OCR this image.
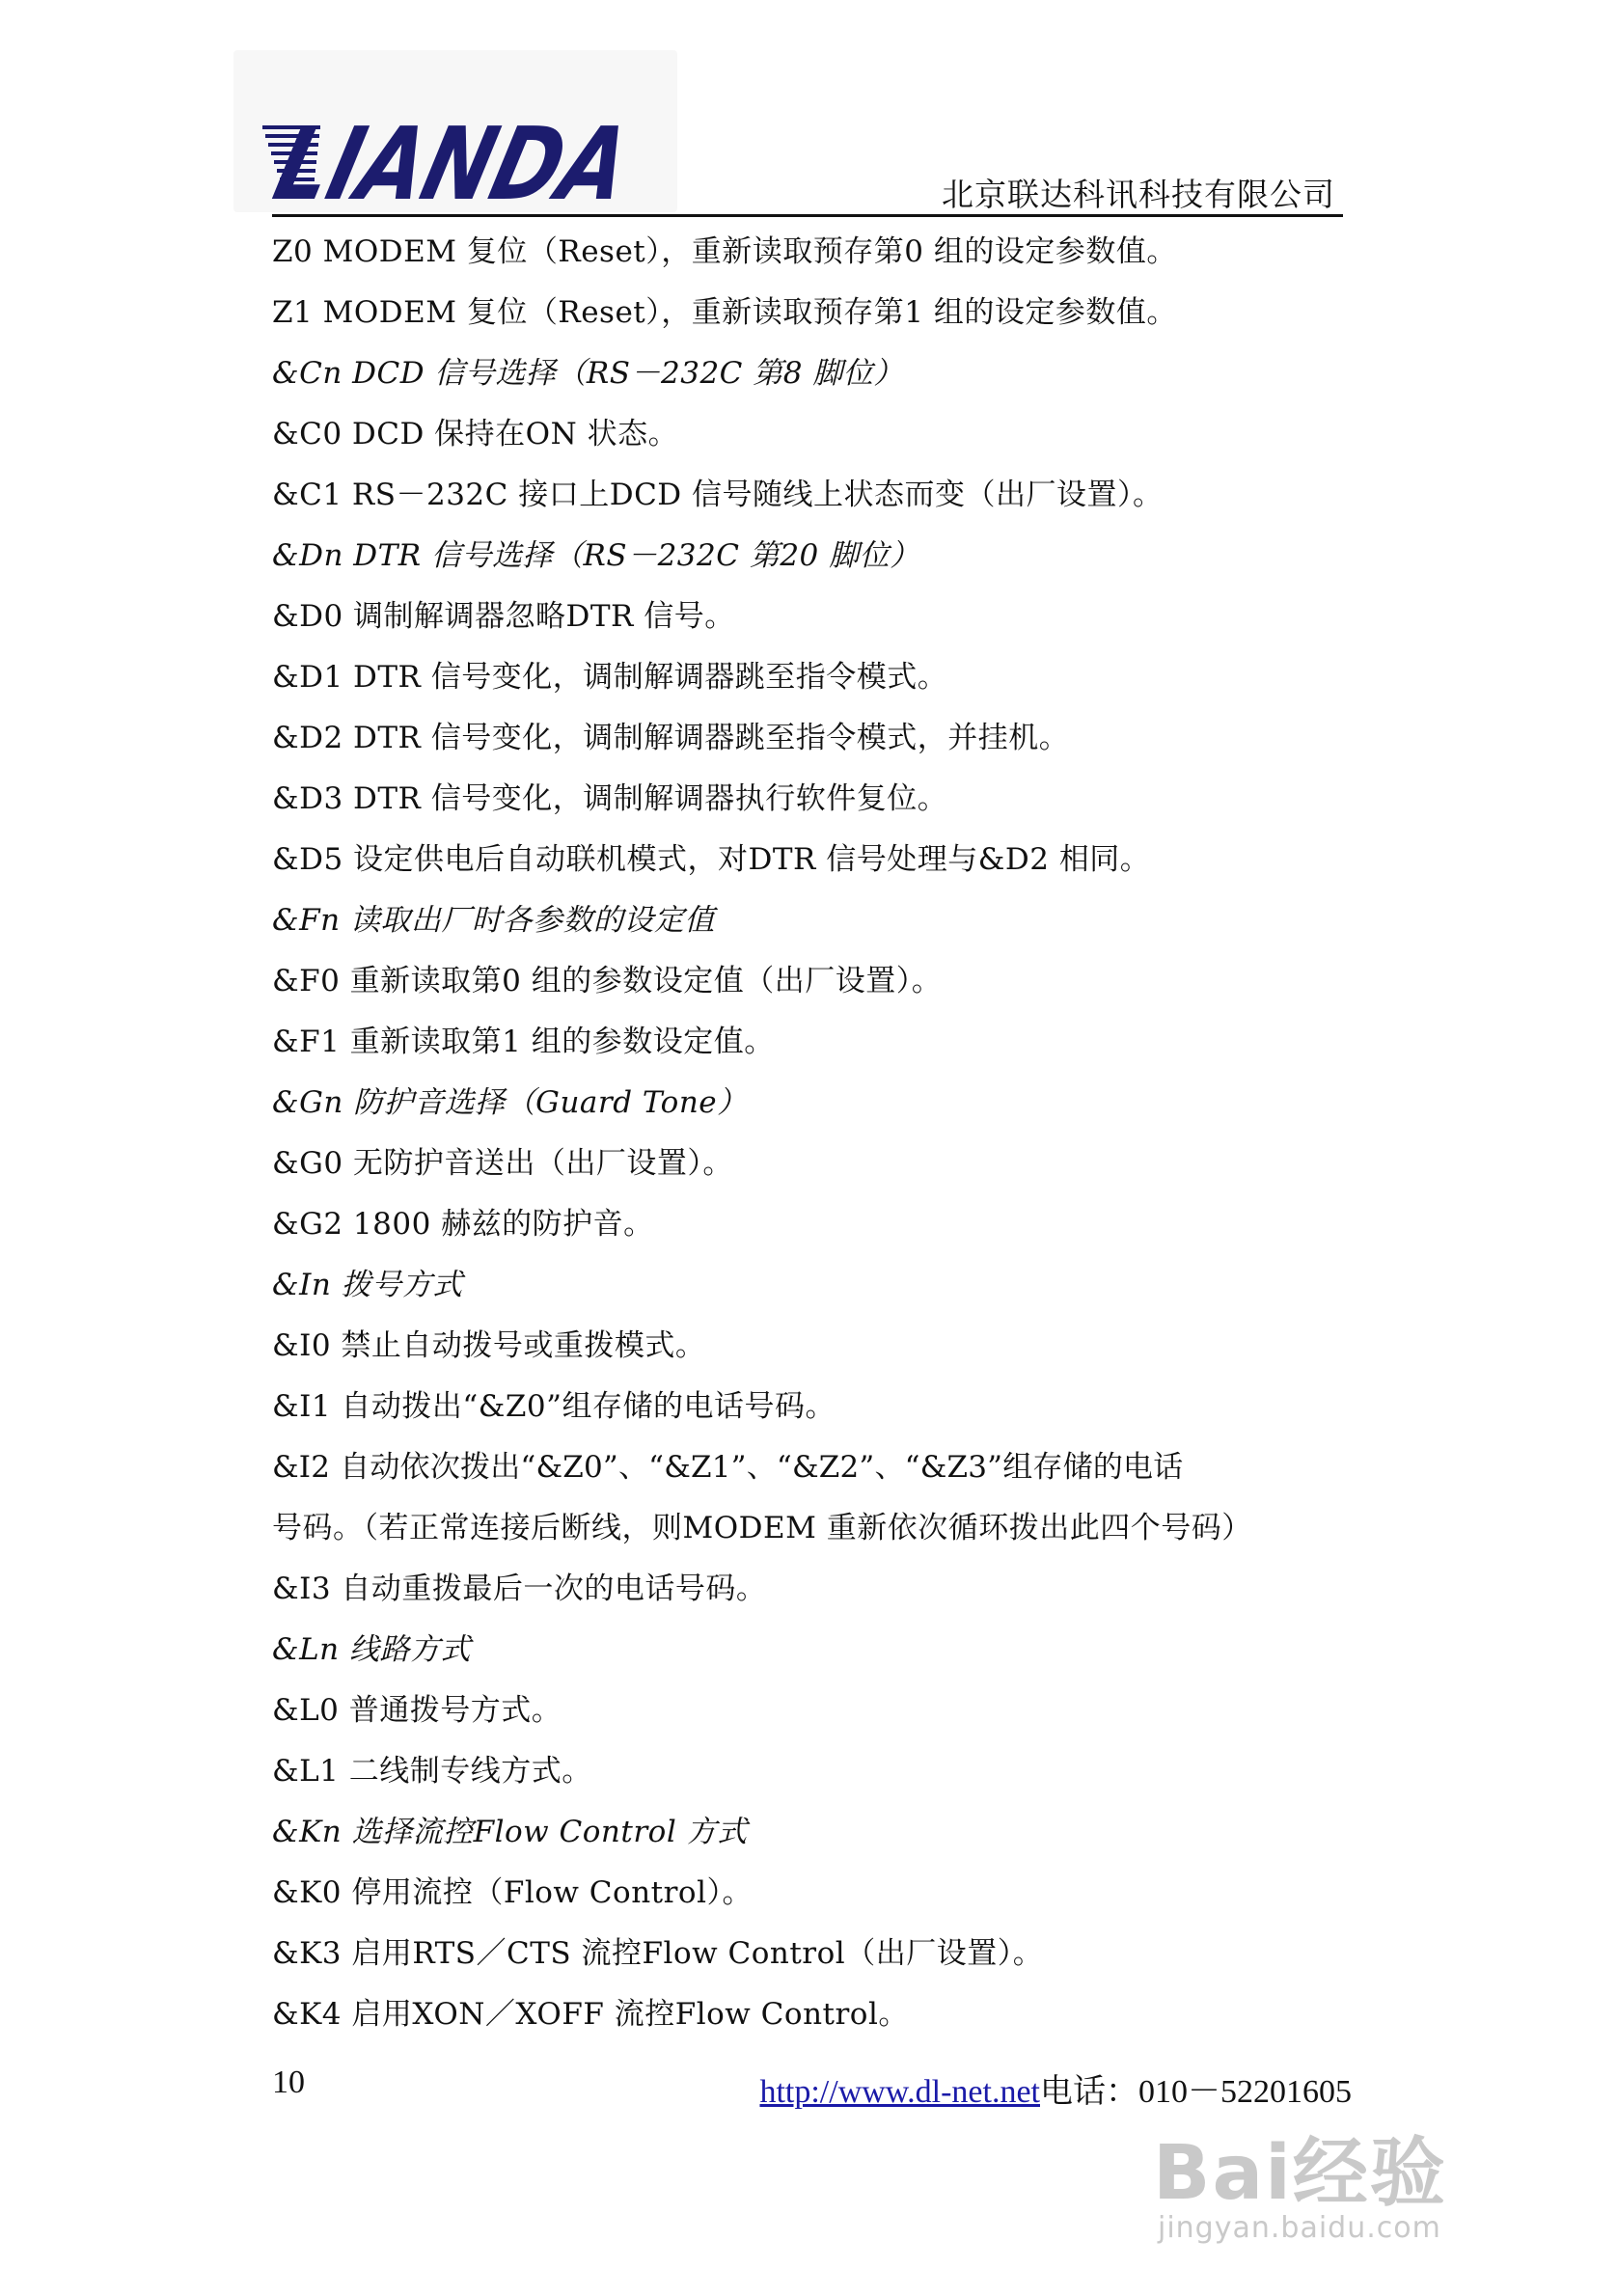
LIANDA	北京联达科讯科技有限公司
Z0 MODEM 复位（Reset），重新读取预存第0 组的设定参数值。
Z1 MODEM 复位（Reset），重新读取预存第1 组的设定参数值。
&Cn DCD 信号选择（RS－232C 第8 脚位）
&C0 DCD 保持在ON 状态。
&C1 RS－232C 接口上DCD 信号随线上状态而变（出厂设置）。
&Dn DTR 信号选择（RS－232C 第20 脚位）
&D0 调制解调器忽略DTR 信号。
&D1 DTR 信号变化，调制解调器跳至指令模式。
&D2 DTR 信号变化，调制解调器跳至指令模式，并挂机。
&D3 DTR 信号变化，调制解调器执行软件复位。
&D5 设定供电后自动联机模式，对DTR 信号处理与&D2 相同。
&Fn 读取出厂时各参数的设定值
&F0 重新读取第0 组的参数设定值（出厂设置）。
&F1 重新读取第1 组的参数设定值。
&Gn 防护音选择（Guard Tone）
&G0 无防护音送出（出厂设置）。
&G2 1800 赫兹的防护音。
&In 拨号方式
&I0 禁止自动拨号或重拨模式。
&I1 自动拨出“&Z0”组存储的电话号码。
&I2 自动依次拨出“&Z0”、“&Z1”、“&Z2”、“&Z3”组存储的电话
号码。（若正常连接后断线，则MODEM 重新依次循环拨出此四个号码）
&I3 自动重拨最后一次的电话号码。
&Ln 线路方式
&L0 普通拨号方式。
&L1 二线制专线方式。
&Kn 选择流控Flow Control 方式
&K0 停用流控（Flow Control）。
&K3 启用RTS／CTS 流控Flow Control（出厂设置）。
&K4 启用XON／XOFF 流控Flow Control。
10	http://www.dl-net.net电话：010－52201605
Bai经验
jingyan.baidu.com
